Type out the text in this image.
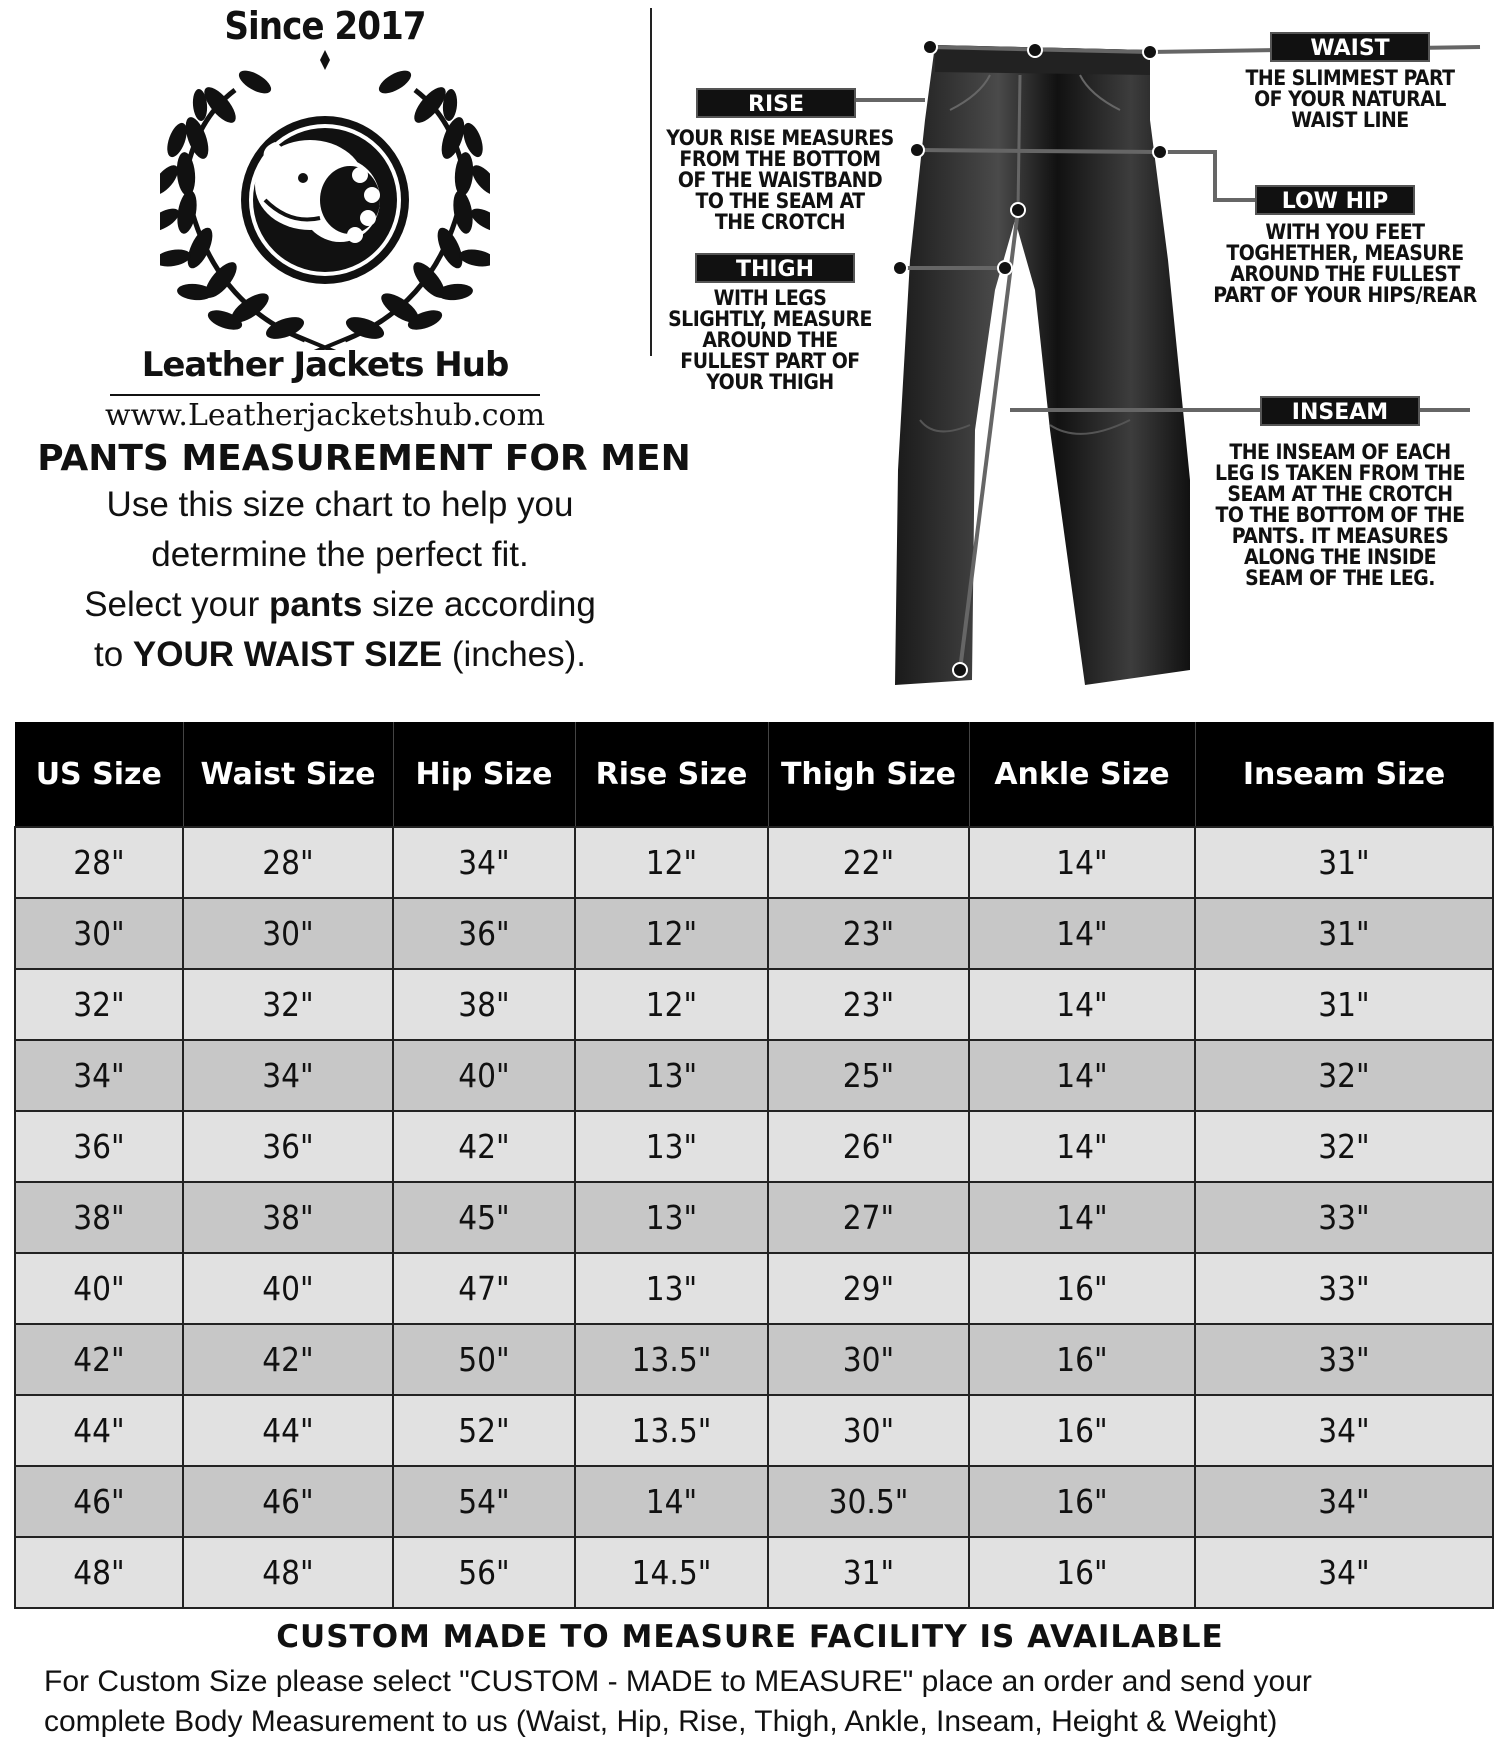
Since 2017
Leather Jackets Hub
www.Leatherjacketshub.com
PANTS MEASUREMENT FOR MEN
Use this size chart to help you
determine the perfect fit.
Select your pants size according
to YOUR WAIST SIZE (inches).
WAIST
THE SLIMMEST PART
OF YOUR NATURAL
WAIST LINE
RISE
YOUR RISE MEASURES
FROM THE BOTTOM
OF THE WAISTBAND
TO THE SEAM AT
THE CROTCH
LOW HIP
WITH YOU FEET
TOGHETHER, MEASURE
AROUND THE FULLEST
PART OF YOUR HIPS/REAR
THIGH
WITH LEGS
SLIGHTLY, MEASURE
AROUND THE
FULLEST PART OF
YOUR THIGH
INSEAM
THE INSEAM OF EACH
LEG IS TAKEN FROM THE
SEAM AT THE CROTCH
TO THE BOTTOM OF THE
PANTS. IT MEASURES
ALONG THE INSIDE
SEAM OF THE LEG.
US Size	Waist Size	Hip Size	Rise Size	Thigh Size	Ankle Size	Inseam Size
28"	28"	34"	12"	22"	14"	31"
30"	30"	36"	12"	23"	14"	31"
32"	32"	38"	12"	23"	14"	31"
34"	34"	40"	13"	25"	14"	32"
36"	36"	42"	13"	26"	14"	32"
38"	38"	45"	13"	27"	14"	33"
40"	40"	47"	13"	29"	16"	33"
42"	42"	50"	13.5"	30"	16"	33"
44"	44"	52"	13.5"	30"	16"	34"
46"	46"	54"	14"	30.5"	16"	34"
48"	48"	56"	14.5"	31"	16"	34"
CUSTOM MADE TO MEASURE FACILITY IS AVAILABLE
For Custom Size please select "CUSTOM - MADE to MEASURE" place an order and send your
complete Body Measurement to us (Waist, Hip, Rise, Thigh, Ankle, Inseam, Height & Weight)
